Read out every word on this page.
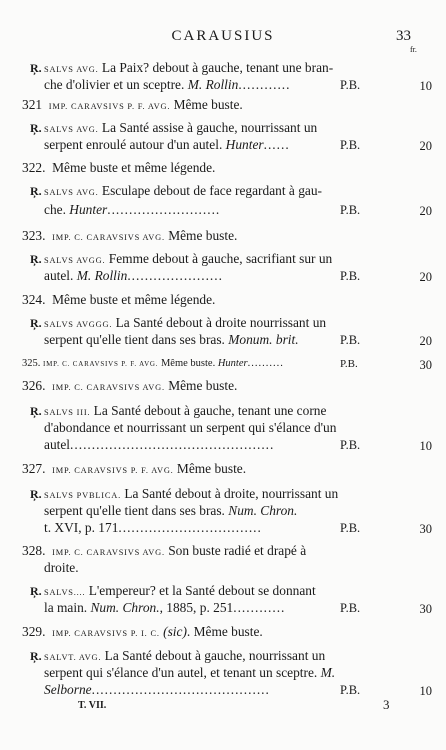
CARAUSIUS	33
fr.
Ŗ. SALVS AVG. La Paix? debout à gauche, tenant une bran-
che d'olivier et un sceptre. M. Rollin............	P.B.	10
321 IMP. CARAVSIVS P. F. AVG. Même buste.
Ŗ. SALVS AVG. La Santé assise à gauche, nourrissant un
serpent enroulé autour d'un autel. Hunter......	P.B.	20
322.  Même buste et même légende.
Ŗ. SALVS AVG. Esculape debout de face regardant à gau-
che. Hunter..........................	P.B.	20
323.  IMP. C. CARAVSIVS AVG. Même buste.
Ŗ. SALVS AVGG. Femme debout à gauche, sacrifiant sur un
autel. M. Rollin......................	P.B.	20
324.  Même buste et même légende.
Ŗ. SALVS AVGGG. La Santé debout à droite nourrissant un
serpent qu'elle tient dans ses bras. Monum. brit.	P.B.	20
325. IMP. C. CARAVSIVS P. F. AVG. Même buste. Hunter..........	P.B.	30
326.  IMP. C. CARAVSIVS AVG. Même buste.
Ŗ. SALVS III. La Santé debout à gauche, tenant une corne
d'abondance et nourrissant un serpent qui s'élance d'un
autel...............................................	P.B.	10
327.  IMP. CARAVSIVS P. F. AVG. Même buste.
Ŗ. SALVS PVBLICA. La Santé debout à droite, nourrissant un
serpent qu'elle tient dans ses bras. Num. Chron.
t. XVI, p. 171.................................	P.B.	30
328.  IMP. C. CARAVSIVS AVG. Son buste radié et drapé à
droite.
Ŗ. SALVS.... L'empereur? et la Santé debout se donnant
la main. Num. Chron., 1885, p. 251............	P.B.	30
329.  IMP. CARAVSIVS P. I. C. (sic). Même buste.
Ŗ. SALVT. AVG. La Santé debout à gauche, nourrissant un
serpent qui s'élance d'un autel, et tenant un sceptre. M.
Selborne.........................................	P.B.	10
T. VII.	3
